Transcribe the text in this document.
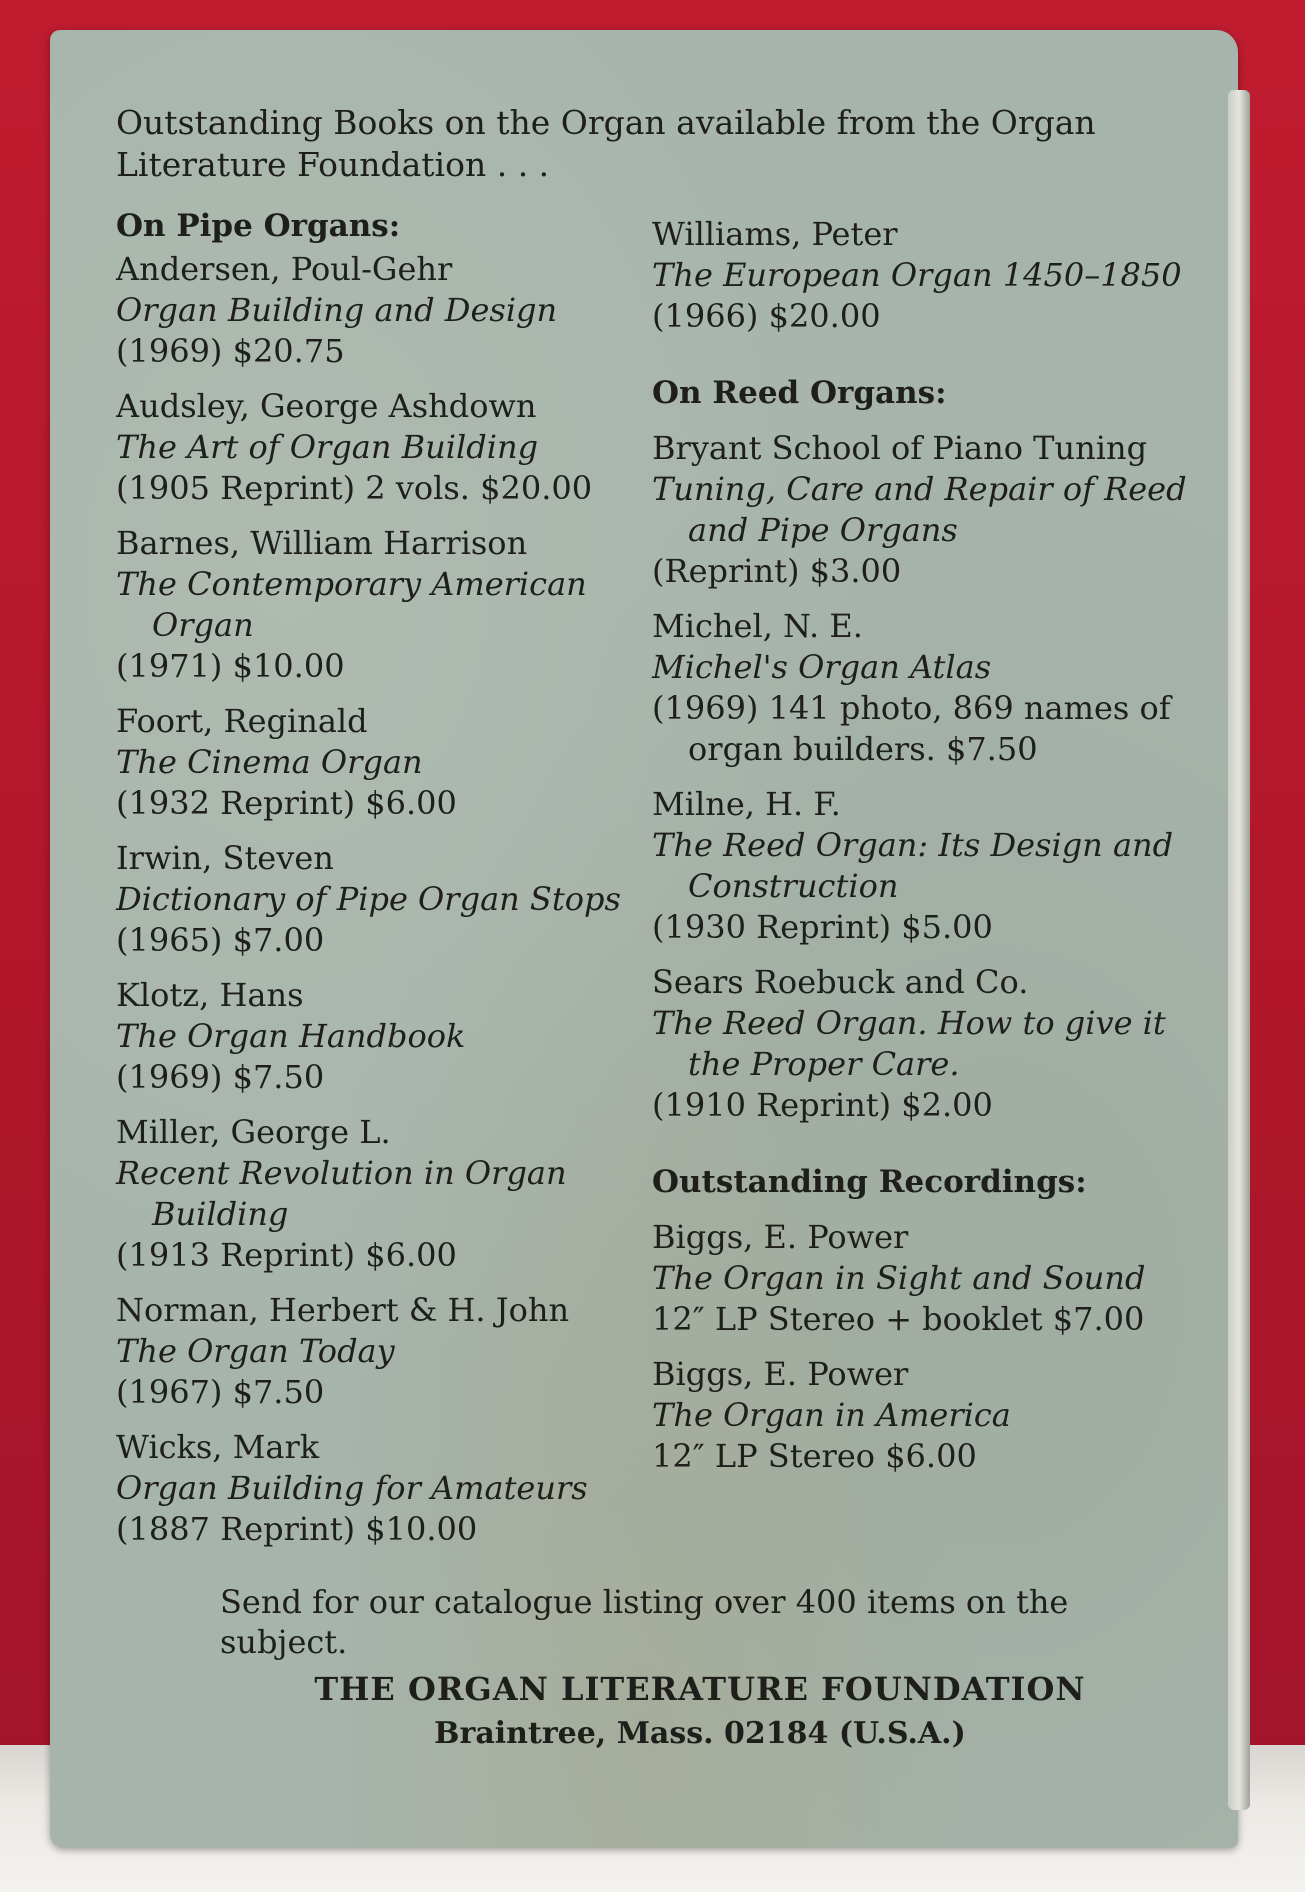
Outstanding Books on the Organ available from the Organ Literature Foundation . . .
On Pipe Organs:
Andersen, Poul-Gehr
Organ Building and Design
(1969) $20.75
Audsley, George Ashdown
The Art of Organ Building
(1905 Reprint) 2 vols. $20.00
Barnes, William Harrison
The Contemporary American Organ
(1971) $10.00
Foort, Reginald
The Cinema Organ
(1932 Reprint) $6.00
Irwin, Steven
Dictionary of Pipe Organ Stops
(1965) $7.00
Klotz, Hans
The Organ Handbook
(1969) $7.50
Miller, George L.
Recent Revolution in Organ Building
(1913 Reprint) $6.00
Norman, Herbert & H. John
The Organ Today
(1967) $7.50
Wicks, Mark
Organ Building for Amateurs
(1887 Reprint) $10.00
Williams, Peter
The European Organ 1450–1850
(1966) $20.00
On Reed Organs:
Bryant School of Piano Tuning
Tuning, Care and Repair of Reed and Pipe Organs
(Reprint) $3.00
Michel, N. E.
Michel's Organ Atlas
(1969) 141 photo, 869 names of organ builders. $7.50
Milne, H. F.
The Reed Organ: Its Design and Construction
(1930 Reprint) $5.00
Sears Roebuck and Co.
The Reed Organ. How to give it the Proper Care.
(1910 Reprint) $2.00
Outstanding Recordings:
Biggs, E. Power
The Organ in Sight and Sound
12″ LP Stereo + booklet $7.00
Biggs, E. Power
The Organ in America
12″ LP Stereo $6.00
Send for our catalogue listing over 400 items on the subject.
THE ORGAN LITERATURE FOUNDATION
Braintree, Mass. 02184 (U.S.A.)
